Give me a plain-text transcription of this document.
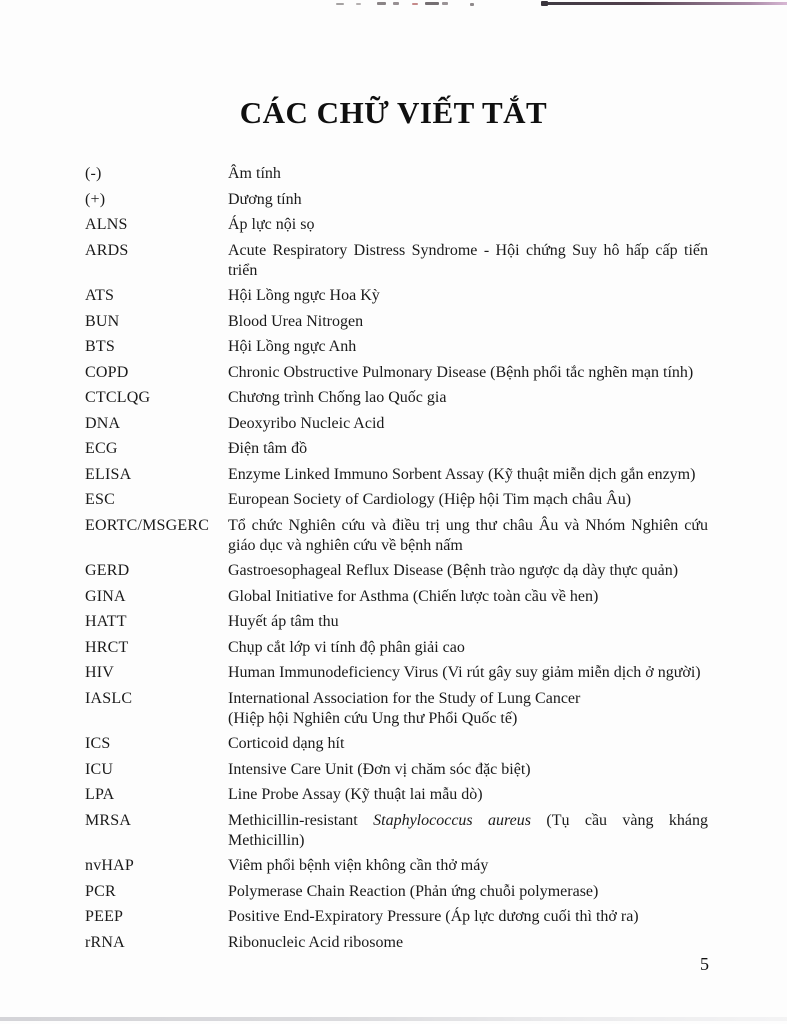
CÁC CHỮ VIẾT TẮT
(-)	Âm tính
(+)	Dương tính
ALNS	Áp lực nội sọ
ARDS	Acute Respiratory Distress Syndrome - Hội chứng Suy hô hấp cấp tiến triển
ATS	Hội Lồng ngực Hoa Kỳ
BUN	Blood Urea Nitrogen
BTS	Hội Lồng ngực Anh
COPD	Chronic Obstructive Pulmonary Disease (Bệnh phổi tắc nghẽn mạn tính)
CTCLQG	Chương trình Chống lao Quốc gia
DNA	Deoxyribo Nucleic Acid
ECG	Điện tâm đồ
ELISA	Enzyme Linked Immuno Sorbent Assay (Kỹ thuật miễn dịch gắn enzym)
ESC	European Society of Cardiology (Hiệp hội Tim mạch châu Âu)
EORTC/MSGERC	Tổ chức Nghiên cứu và điều trị ung thư châu Âu và Nhóm Nghiên cứu giáo dục và nghiên cứu về bệnh nấm
GERD	Gastroesophageal Reflux Disease (Bệnh trào ngược dạ dày thực quản)
GINA	Global Initiative for Asthma (Chiến lược toàn cầu về hen)
HATT	Huyết áp tâm thu
HRCT	Chụp cắt lớp vi tính độ phân giải cao
HIV	Human Immunodeficiency Virus (Vi rút gây suy giảm miễn dịch ở người)
IASLC	International Association for the Study of Lung Cancer
(Hiệp hội Nghiên cứu Ung thư Phổi Quốc tế)
ICS	Corticoid dạng hít
ICU	Intensive Care Unit (Đơn vị chăm sóc đặc biệt)
LPA	Line Probe Assay (Kỹ thuật lai mẫu dò)
MRSA	Methicillin-resistant Staphylococcus aureus (Tụ cầu vàng kháng Methicillin)
nvHAP	Viêm phổi bệnh viện không cần thở máy
PCR	Polymerase Chain Reaction (Phản ứng chuỗi polymerase)
PEEP	Positive End-Expiratory Pressure (Áp lực dương cuối thì thở ra)
rRNA	Ribonucleic Acid ribosome
5
